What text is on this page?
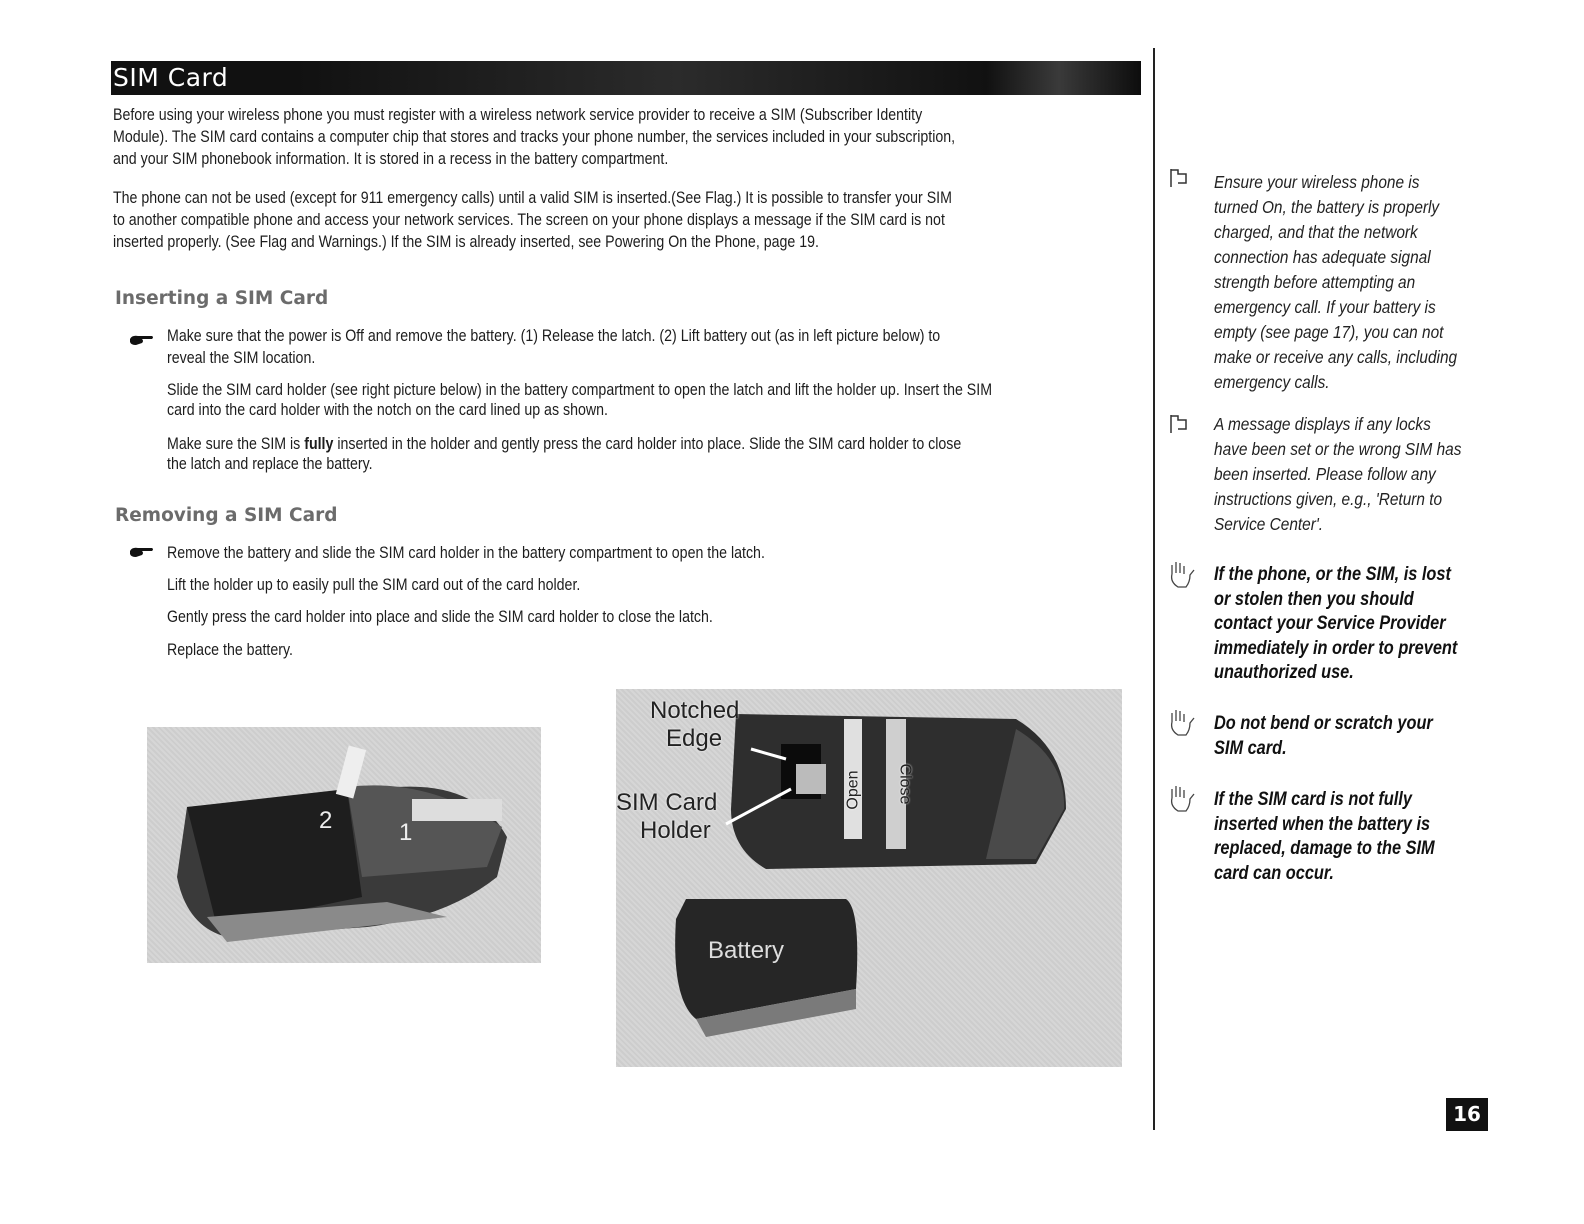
SIM Card
Before using your wireless phone you must register with a wireless network service provider to receive a SIM (Subscriber Identity
Module). The SIM card contains a computer chip that stores and tracks your phone number, the services included in your subscription,
and your SIM phonebook information. It is stored in a recess in the battery compartment.
The phone can not be used (except for 911 emergency calls) until a valid SIM is inserted.(See Flag.) It is possible to transfer your SIM
to another compatible phone and access your network services. The screen on your phone displays a message if the SIM card is not
inserted properly. (See Flag and Warnings.) If the SIM is already inserted, see Powering On the Phone, page 19.
Inserting a SIM Card
Make sure that the power is Off and remove the battery. (1) Release the latch. (2) Lift battery out (as in left picture below) to
reveal the SIM location.
Slide the SIM card holder (see right picture below) in the battery compartment to open the latch and lift the holder up. Insert the SIM
card into the card holder with the notch on the card lined up as shown.
Make sure the SIM is fully inserted in the holder and gently press the card holder into place. Slide the SIM card holder to close
the latch and replace the battery.
Removing a SIM Card
Remove the battery and slide the SIM card holder in the battery compartment to open the latch.
Lift the holder up to easily pull the SIM card out of the card holder.
Gently press the card holder into place and slide the SIM card holder to close the latch.
Replace the battery.
2	1
Notched
Edge
SIM Card
Holder
Open Close
Battery
Ensure your wireless phone is
turned On, the battery is properly
charged, and that the network
connection has adequate signal
strength before attempting an
emergency call. If your battery is
empty (see page 17), you can not
make or receive any calls, including
emergency calls.
A message displays if any locks
have been set or the wrong SIM has
been inserted. Please follow any
instructions given, e.g., 'Return to
Service Center'.
If the phone, or the SIM, is lost
or stolen then you should
contact your Service Provider
immediately in order to prevent
unauthorized use.
Do not bend or scratch your
SIM card.
If the SIM card is not fully
inserted when the battery is
replaced, damage to the SIM
card can occur.
16
